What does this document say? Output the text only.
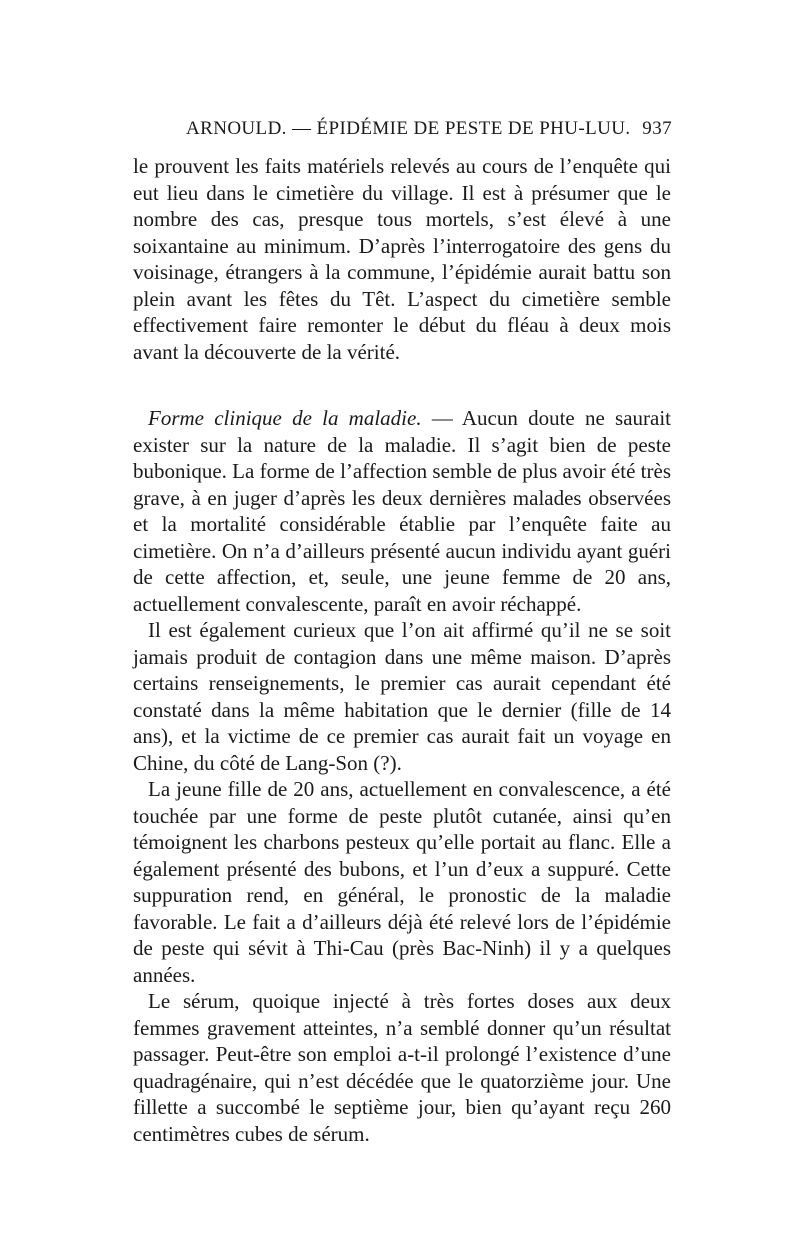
ARNOULD. — ÉPIDÉMIE DE PESTE DE PHU-LUU. 937

le prouvent les faits matériels relevés au cours de l’enquête qui eut lieu dans le cimetière du village. Il est à présumer que le nombre des cas, presque tous mortels, s’est élevé à une soixantaine au minimum. D’après l’interrogatoire des gens du voisinage, étrangers à la commune, l’épidémie aurait battu son plein avant les fêtes du Têt. L’aspect du cimetière semble effectivement faire remonter le début du fléau à deux mois avant la découverte de la vérité.

Forme clinique de la maladie. — Aucun doute ne saurait exister sur la nature de la maladie. Il s’agit bien de peste bubonique. La forme de l’affection semble de plus avoir été très grave, à en juger d’après les deux dernières malades observées et la mortalité considérable établie par l’enquête faite au cimetière. On n’a d’ailleurs présenté aucun individu ayant guéri de cette affection, et, seule, une jeune femme de 20 ans, actuellement convalescente, paraît en avoir réchappé.

Il est également curieux que l’on ait affirmé qu’il ne se soit jamais produit de contagion dans une même maison. D’après certains renseignements, le premier cas aurait cependant été constaté dans la même habitation que le dernier (fille de 14 ans), et la victime de ce premier cas aurait fait un voyage en Chine, du côté de Lang-Son (?).

La jeune fille de 20 ans, actuellement en convalescence, a été touchée par une forme de peste plutôt cutanée, ainsi qu’en témoignent les charbons pesteux qu’elle portait au flanc. Elle a également présenté des bubons, et l’un d’eux a suppuré. Cette suppuration rend, en général, le pronostic de la maladie favorable. Le fait a d’ailleurs déjà été relevé lors de l’épidémie de peste qui sévit à Thi-Cau (près Bac-Ninh) il y a quelques années.

Le sérum, quoique injecté à très fortes doses aux deux femmes gravement atteintes, n’a semblé donner qu’un résultat passager. Peut-être son emploi a-t-il prolongé l’existence d’une quadragénaire, qui n’est décédée que le quatorzième jour. Une fillette a succombé le septième jour, bien qu’ayant reçu 260 centimètres cubes de sérum.
